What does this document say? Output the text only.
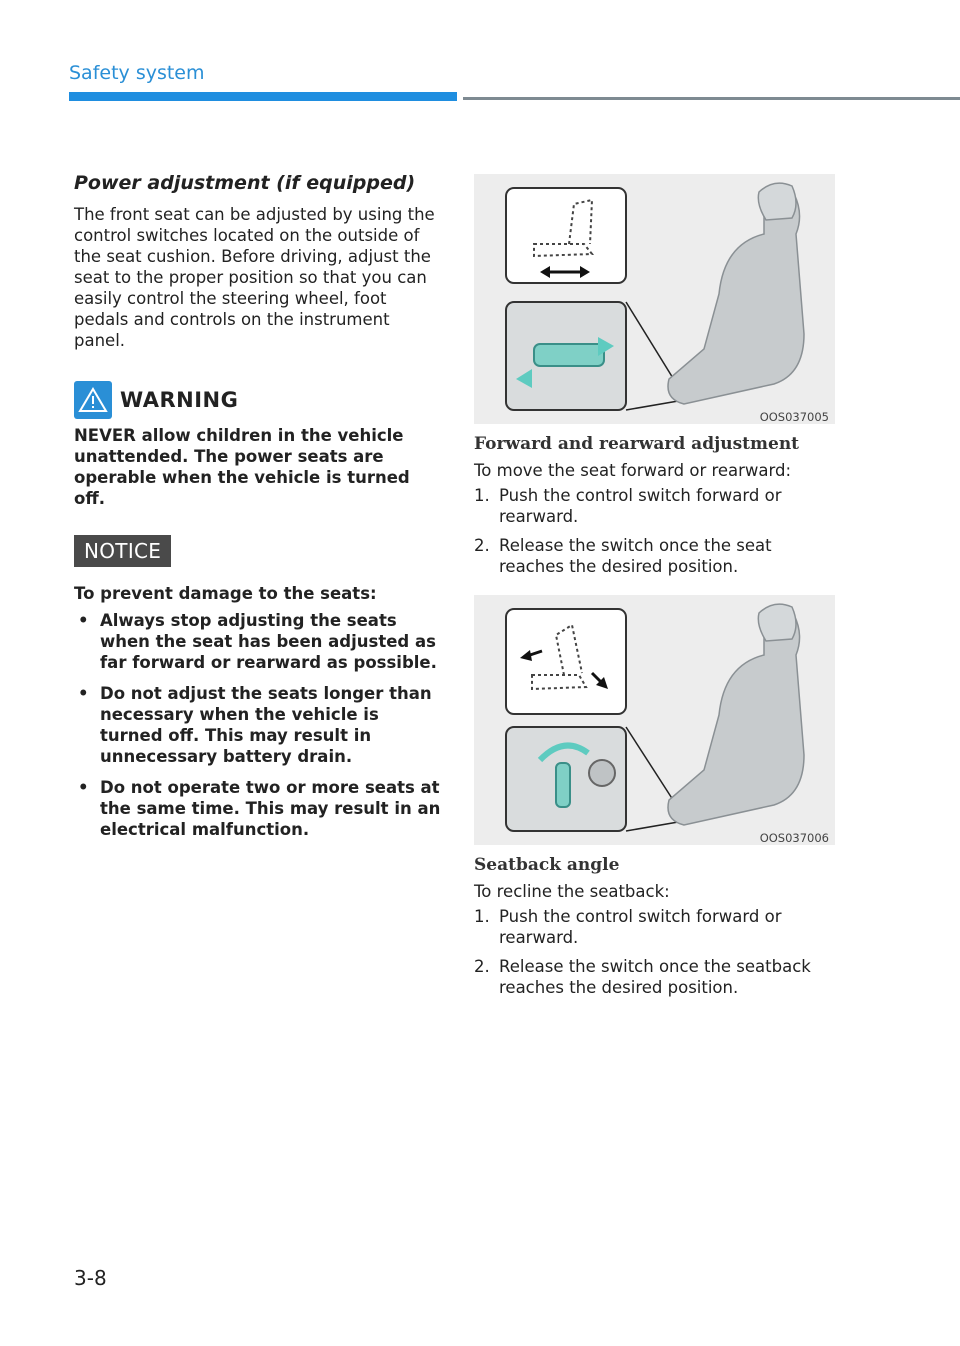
Safety system
Power adjustment (if equipped)

The front seat can be adjusted by using the control switches located on the outside of the seat cushion. Before driving, adjust the seat to the proper position so that you can easily control the steering wheel, foot pedals and controls on the instrument panel.

WARNING

NEVER allow children in the vehicle unattended. The power seats are operable when the vehicle is turned off.

NOTICE

To prevent damage to the seats:

• Always stop adjusting the seats when the seat has been adjusted as far forward or rearward as possible.
• Do not adjust the seats longer than necessary when the vehicle is turned off. This may result in unnecessary battery drain.
• Do not operate two or more seats at the same time. This may result in an electrical malfunction.
OOS037005
Forward and rearward adjustment

To move the seat forward or rearward:

1. Push the control switch forward or rearward.
2. Release the switch once the seat reaches the desired position.
OOS037006
Seatback angle

To recline the seatback:

1. Push the control switch forward or rearward.
2. Release the switch once the seatback reaches the desired position.
3-8
